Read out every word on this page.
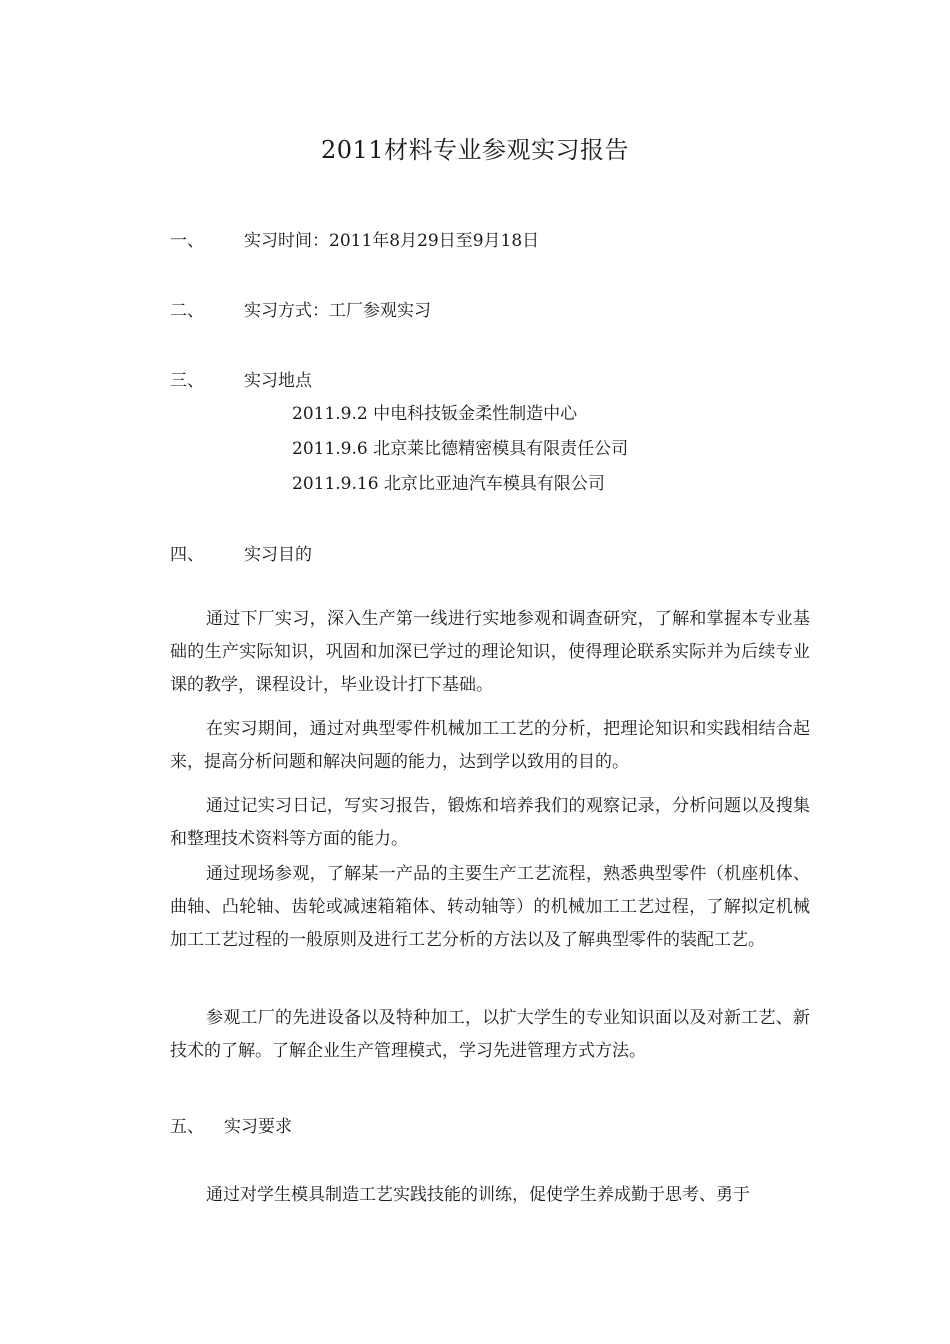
2011材料专业参观实习报告
一、 实习时间：2011年8月29日至9月18日
二、 实习方式：工厂参观实习
三、 实习地点
2011.9.2 中电科技钣金柔性制造中心
2011.9.6 北京莱比德精密模具有限责任公司
2011.9.16 北京比亚迪汽车模具有限公司
四、 实习目的

通过下厂实习，深入生产第一线进行实地参观和调查研究，了解和掌握本专业基础的生产实际知识，巩固和加深已学过的理论知识，使得理论联系实际并为后续专业课的教学，课程设计，毕业设计打下基础。

在实习期间，通过对典型零件机械加工工艺的分析，把理论知识和实践相结合起来，提高分析问题和解决问题的能力，达到学以致用的目的。

通过记实习日记，写实习报告，锻炼和培养我们的观察记录，分析问题以及搜集和整理技术资料等方面的能力。

通过现场参观，了解某一产品的主要生产工艺流程，熟悉典型零件（机座机体、曲轴、凸轮轴、齿轮或减速箱箱体、转动轴等）的机械加工工艺过程，了解拟定机械加工工艺过程的一般原则及进行工艺分析的方法以及了解典型零件的装配工艺。

参观工厂的先进设备以及特种加工，以扩大学生的专业知识面以及对新工艺、新技术的了解。了解企业生产管理模式，学习先进管理方式方法。

五、 实习要求

通过对学生模具制造工艺实践技能的训练，促使学生养成勤于思考、勇于
